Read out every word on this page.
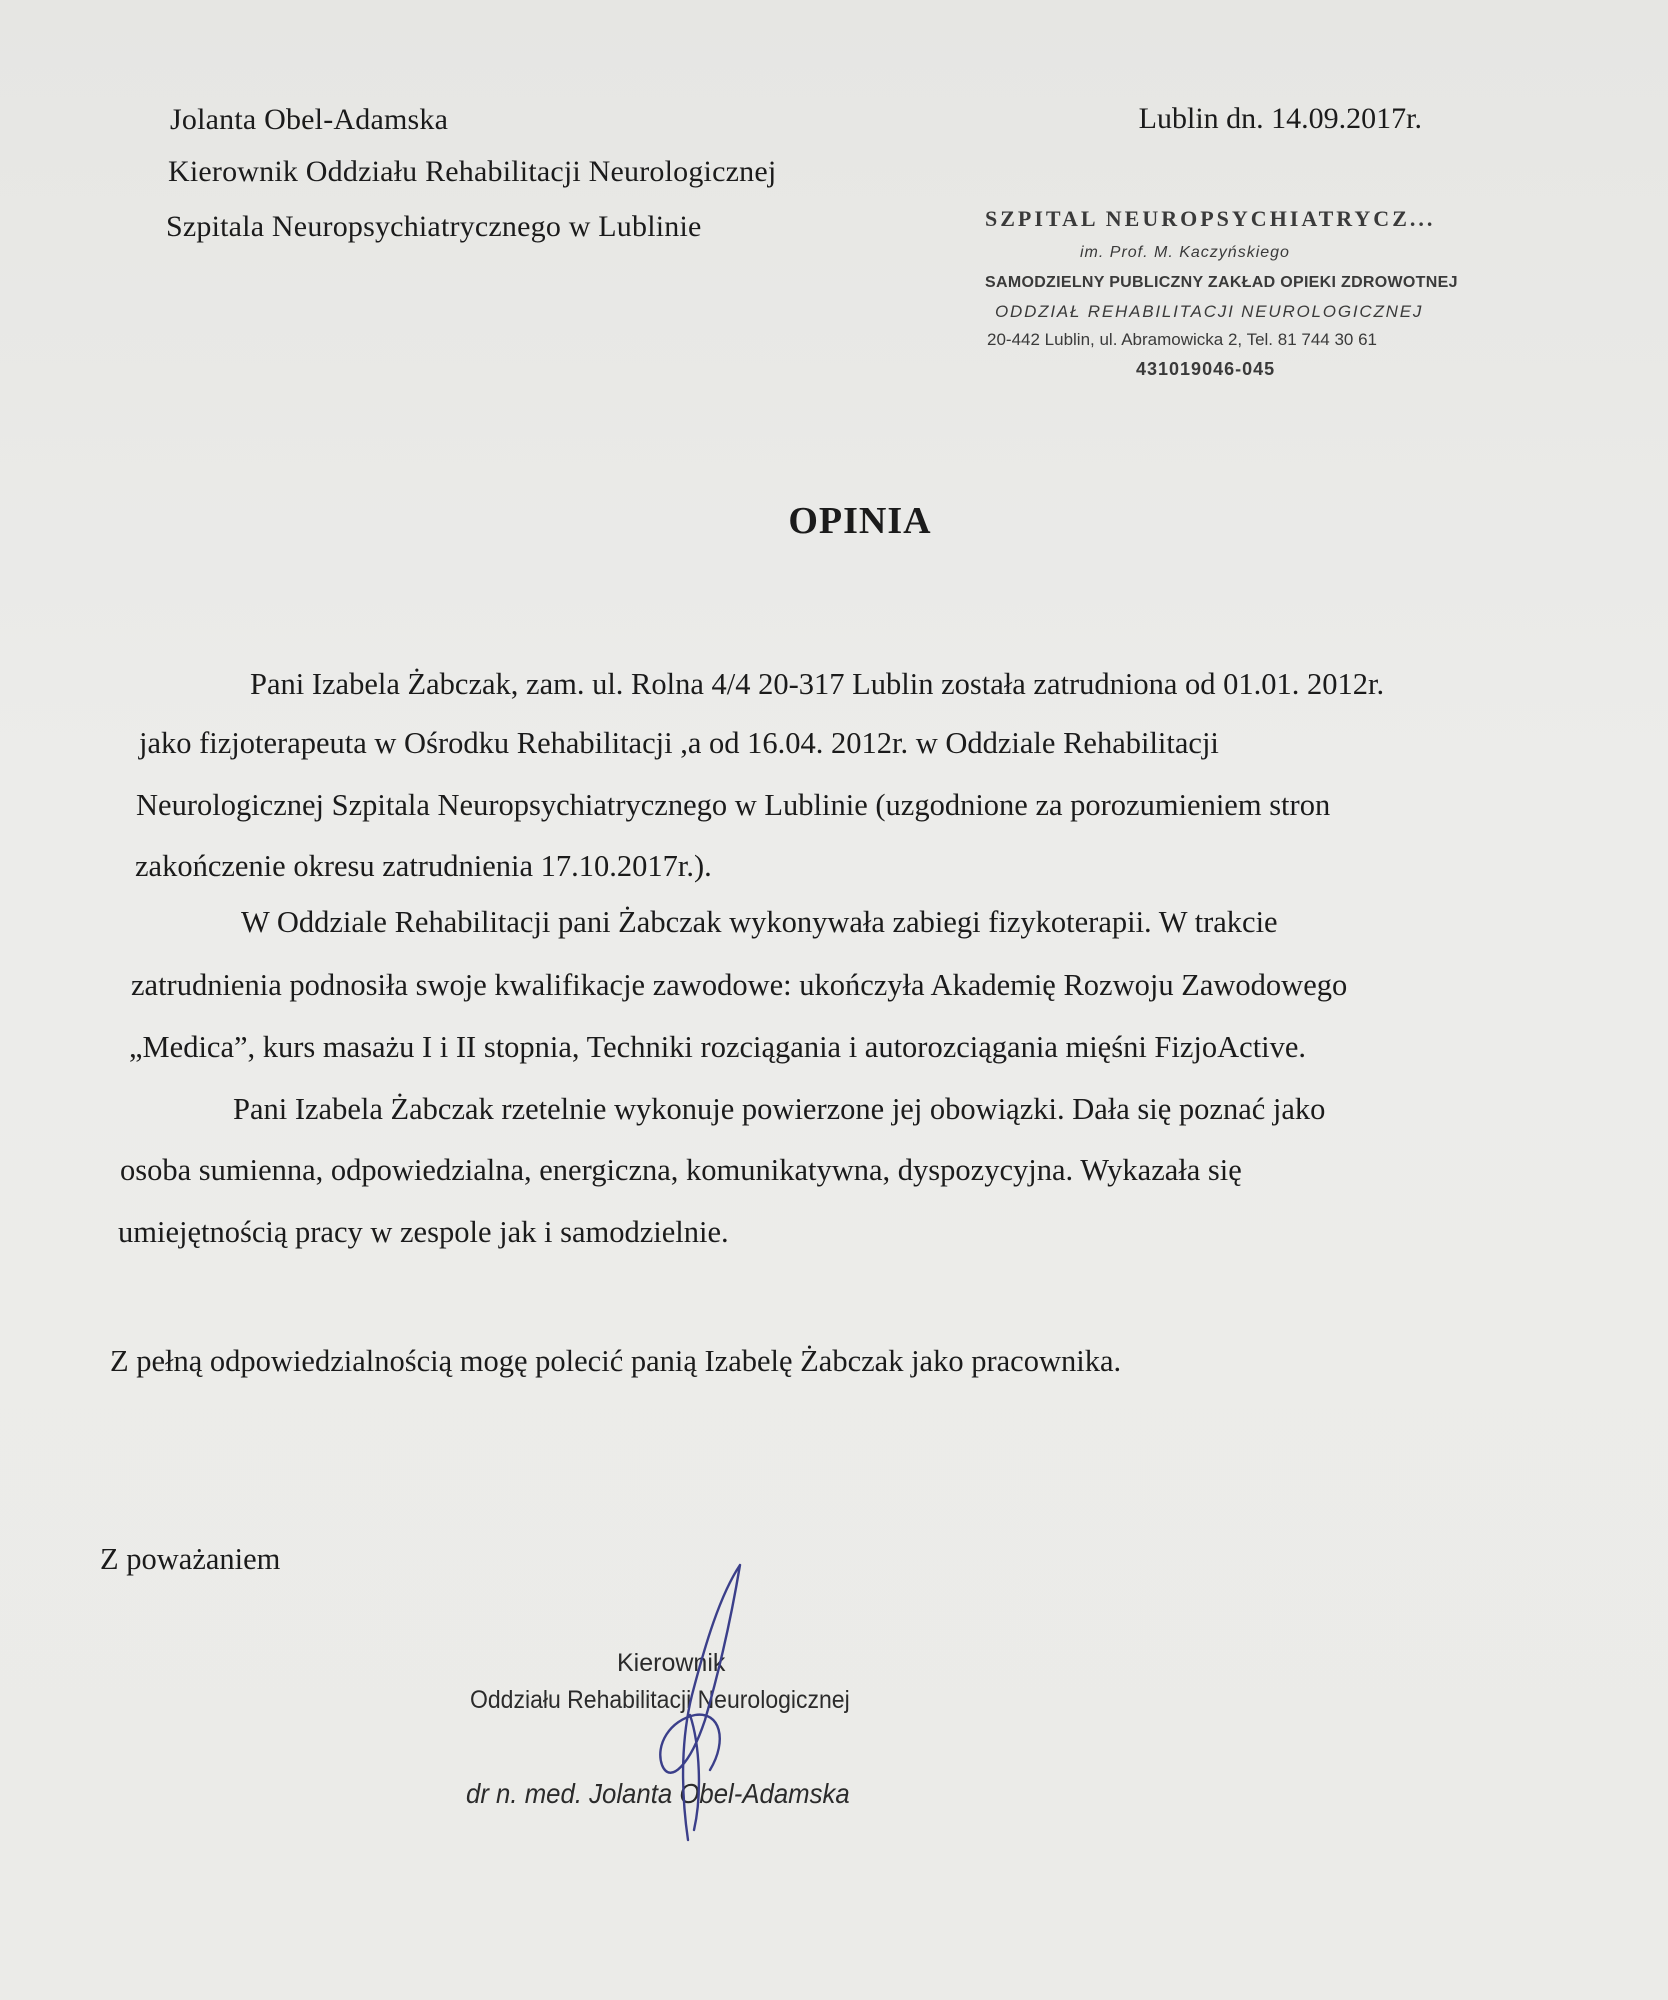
Jolanta Obel-Adamska
Kierownik Oddziału Rehabilitacji Neurologicznej
Szpitala Neuropsychiatrycznego w Lublinie
Lublin dn. 14.09.2017r.
SZPITAL NEUROPSYCHIATRYCZ...
im. Prof. M. Kaczyńskiego
SAMODZIELNY PUBLICZNY ZAKŁAD OPIEKI ZDROWOTNEJ
ODDZIAŁ REHABILITACJI NEUROLOGICZNEJ
20-442 Lublin, ul. Abramowicka 2, Tel. 81 744 30 61
431019046-045
OPINIA
Pani Izabela Żabczak, zam. ul. Rolna 4/4 20-317 Lublin została zatrudniona od 01.01. 2012r.
jako fizjoterapeuta w Ośrodku Rehabilitacji ,a od 16.04. 2012r. w Oddziale Rehabilitacji
Neurologicznej Szpitala Neuropsychiatrycznego w Lublinie (uzgodnione za porozumieniem stron
zakończenie okresu zatrudnienia 17.10.2017r.).
W Oddziale Rehabilitacji pani Żabczak wykonywała zabiegi fizykoterapii. W trakcie
zatrudnienia podnosiła swoje kwalifikacje zawodowe: ukończyła Akademię Rozwoju Zawodowego
„Medica”, kurs masażu I i II stopnia, Techniki rozciągania i autorozciągania mięśni FizjoActive.
Pani Izabela Żabczak rzetelnie wykonuje powierzone jej obowiązki. Dała się poznać jako
osoba sumienna, odpowiedzialna, energiczna, komunikatywna, dyspozycyjna. Wykazała się
umiejętnością pracy w zespole jak i samodzielnie.
Z pełną odpowiedzialnością mogę polecić panią Izabelę Żabczak jako pracownika.
Z poważaniem
Kierownik
Oddziału Rehabilitacji Neurologicznej
dr n. med. Jolanta Obel-Adamska
